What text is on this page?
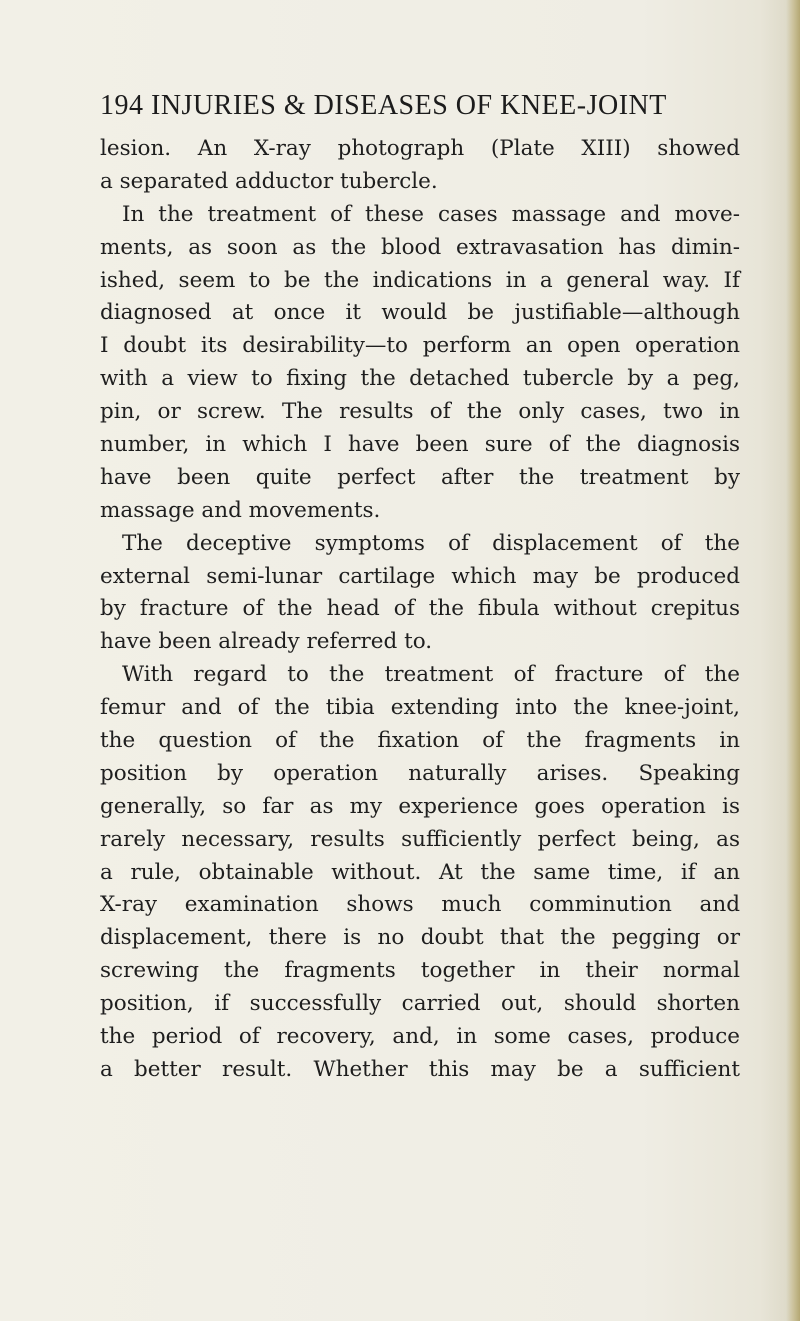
194 INJURIES & DISEASES OF KNEE-JOINT
lesion. An X-ray photograph (Plate XIII) showed
a separated adductor tubercle.
In the treatment of these cases massage and move-
ments, as soon as the blood extravasation has dimin-
ished, seem to be the indications in a general way. If
diagnosed at once it would be justifiable—although
I doubt its desirability—to perform an open operation
with a view to fixing the detached tubercle by a peg,
pin, or screw. The results of the only cases, two in
number, in which I have been sure of the diagnosis
have been quite perfect after the treatment by
massage and movements.
The deceptive symptoms of displacement of the
external semi-lunar cartilage which may be produced
by fracture of the head of the fibula without crepitus
have been already referred to.
With regard to the treatment of fracture of the
femur and of the tibia extending into the knee-joint,
the question of the fixation of the fragments in
position by operation naturally arises. Speaking
generally, so far as my experience goes operation is
rarely necessary, results sufficiently perfect being, as
a rule, obtainable without. At the same time, if an
X-ray examination shows much comminution and
displacement, there is no doubt that the pegging or
screwing the fragments together in their normal
position, if successfully carried out, should shorten
the period of recovery, and, in some cases, produce
a better result. Whether this may be a sufficient
